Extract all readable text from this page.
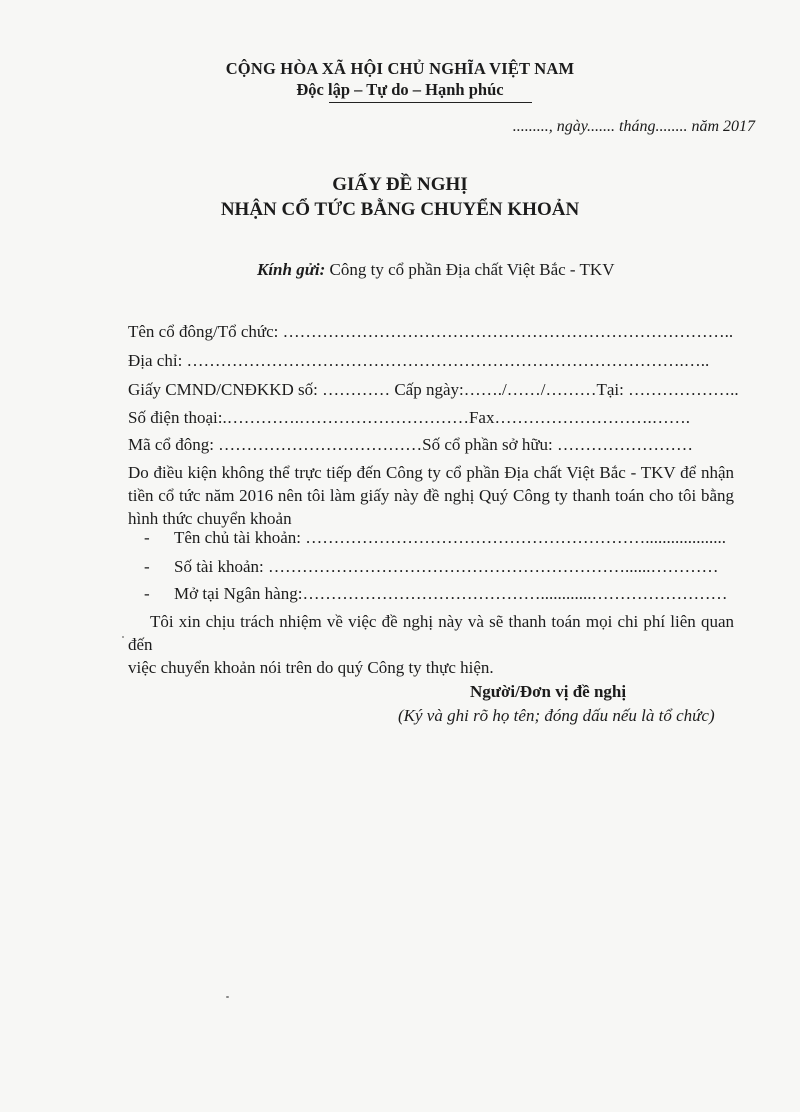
CỘNG HÒA XÃ HỘI CHỦ NGHĨA VIỆT NAM
Độc lập – Tự do – Hạnh phúc
........., ngày....... tháng........ năm 2017
GIẤY ĐỀ NGHỊ
NHẬN CỔ TỨC BẰNG CHUYỂN KHOẢN
Kính gửi: Công ty cổ phần Địa chất Việt Bắc - TKV
Tên cổ đông/Tổ chức: ……………………………………………………………………..
Địa chỉ: …………………………………………………………………………….…..
Giấy CMND/CNĐKKD số: ………… Cấp ngày:……./……/………Tại: ………………..
Số điện thoại:.………….…………………………Fax……………………….…….
Mã cổ đông: ………………………………Số cổ phần sở hữu: ……………………
Do điều kiện không thể trực tiếp đến Công ty cổ phần Địa chất Việt Bắc - TKV để nhận
tiền cổ tức năm 2016 nên tôi làm giấy này đề nghị Quý Công ty thanh toán cho tôi bằng
hình thức chuyển khoản
- Tên chủ tài khoản: ……………………………………………………...................
- Số tài khoản: ………………………………………………………......…………
- Mở tại Ngân hàng:……………………………………............……………………
Tôi xin chịu trách nhiệm về việc đề nghị này và sẽ thanh toán mọi chi phí liên quan đến
việc chuyển khoản nói trên do quý Công ty thực hiện.
Người/Đơn vị đề nghị
(Ký và ghi rõ họ tên; đóng dấu nếu là tổ chức)
